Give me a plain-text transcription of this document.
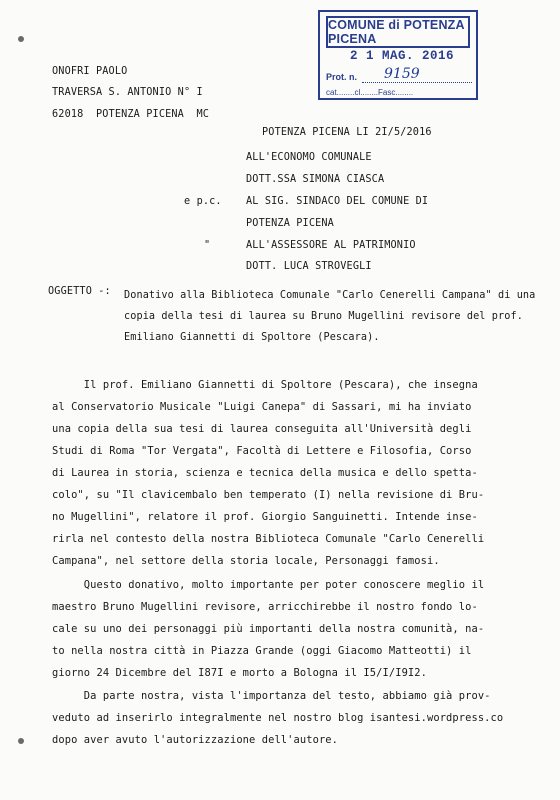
COMUNE di POTENZA PICENA
2 1 MAG. 2016
Prot. n. 9159
cat........cl........Fasc........
ONOFRI PAOLO
TRAVERSA S. ANTONIO N° I
62018  POTENZA PICENA  MC
POTENZA PICENA LI 2I/5/2016
ALL'ECONOMO COMUNALE
DOTT.SSA SIMONA CIASCA
e p.c. AL SIG. SINDACO DEL COMUNE DI
POTENZA PICENA
"	ALL'ASSESSORE AL PATRIMONIO
DOTT. LUCA STROVEGLI
OGGETTO -: Donativo alla Biblioteca Comunale "Carlo Cenerelli Campana" di una copia della tesi di laurea su Bruno Mugellini revisore del prof. Emiliano Giannetti di Spoltore (Pescara).
Il prof. Emiliano Giannetti di Spoltore (Pescara), che insegna
al Conservatorio Musicale "Luigi Canepa" di Sassari, mi ha inviato
una copia della sua tesi di laurea conseguita all'Università degli
Studi di Roma "Tor Vergata", Facoltà di Lettere e Filosofia, Corso
di Laurea in storia, scienza e tecnica della musica e dello spetta-
colo", su "Il clavicembalo ben temperato (I) nella revisione di Bru-
no Mugellini", relatore il prof. Giorgio Sanguinetti. Intende inse-
rirla nel contesto della nostra Biblioteca Comunale "Carlo Cenerelli
Campana", nel settore della storia locale, Personaggi famosi.
Questo donativo, molto importante per poter conoscere meglio il
maestro Bruno Mugellini revisore, arricchirebbe il nostro fondo lo-
cale su uno dei personaggi più importanti della nostra comunità, na-
to nella nostra città in Piazza Grande (oggi Giacomo Matteotti) il
giorno 24 Dicembre del I87I e morto a Bologna il I5/I/I9I2.
Da parte nostra, vista l'importanza del testo, abbiamo già prov-
veduto ad inserirlo integralmente nel nostro blog isantesi.wordpress.co
dopo aver avuto l'autorizzazione dell'autore.
